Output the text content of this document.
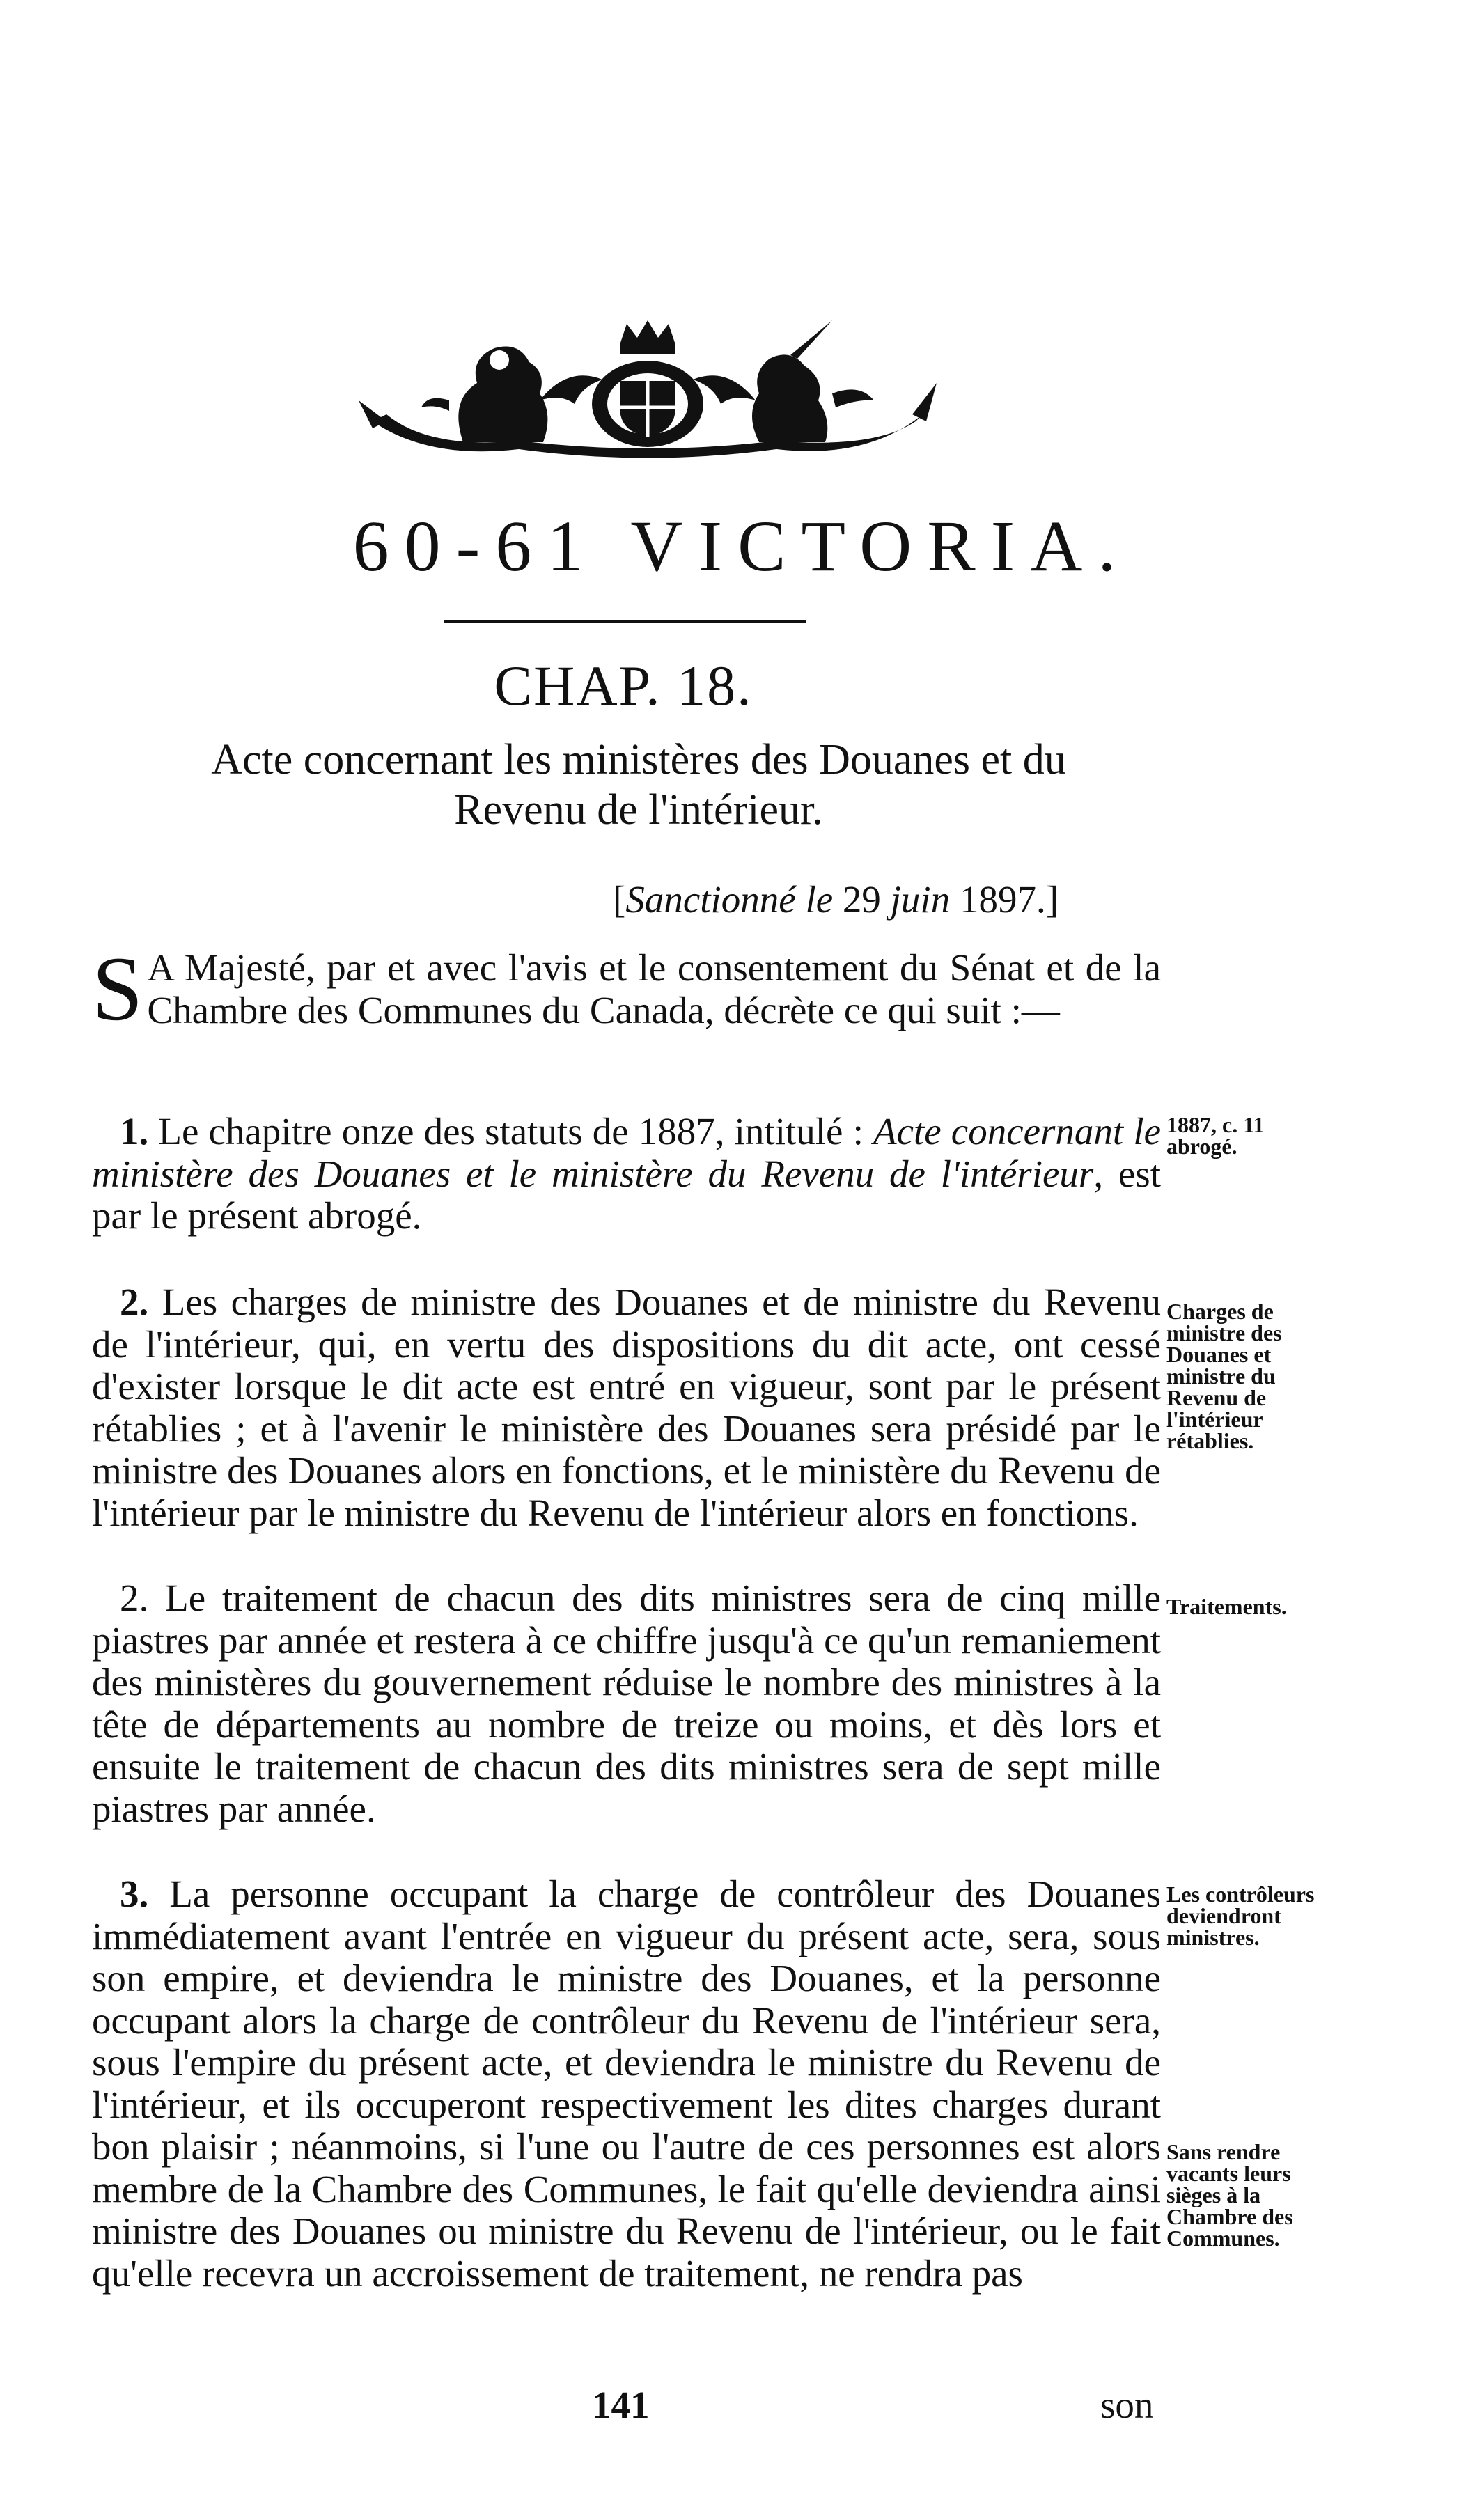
60-61 VICTORIA.
CHAP. 18.
Acte concernant les ministères des Douanes et du
Revenu de l'intérieur.
[Sanctionné le 29 juin 1897.]
S A Majesté, par et avec l'avis et le consentement du Sénat et de la Chambre des Communes du Canada, décrète ce qui suit :—
1. Le chapitre onze des statuts de 1887, intitulé : Acte concernant le ministère des Douanes et le ministère du Revenu de l'intérieur, est par le présent abrogé.
1887, c. 11 abrogé.
2. Les charges de ministre des Douanes et de ministre du Revenu de l'intérieur, qui, en vertu des dispositions du dit acte, ont cessé d'exister lorsque le dit acte est entré en vigueur, sont par le présent rétablies ; et à l'avenir le ministère des Douanes sera présidé par le ministre des Douanes alors en fonctions, et le ministère du Revenu de l'intérieur par le ministre du Revenu de l'intérieur alors en fonctions.
Charges de ministre des Douanes et ministre du Revenu de l'intérieur rétablies.
2. Le traitement de chacun des dits ministres sera de cinq mille piastres par année et restera à ce chiffre jusqu'à ce qu'un remaniement des ministères du gouvernement réduise le nombre des ministres à la tête de départements au nombre de treize ou moins, et dès lors et ensuite le traitement de chacun des dits ministres sera de sept mille piastres par année.
Traitements.
3. La personne occupant la charge de contrôleur des Douanes immédiatement avant l'entrée en vigueur du présent acte, sera, sous son empire, et deviendra le ministre des Douanes, et la personne occupant alors la charge de contrôleur du Revenu de l'intérieur sera, sous l'empire du présent acte, et deviendra le ministre du Revenu de l'intérieur, et ils occuperont respectivement les dites charges durant bon plaisir ; néanmoins, si l'une ou l'autre de ces personnes est alors membre de la Chambre des Communes, le fait qu'elle deviendra ainsi ministre des Douanes ou ministre du Revenu de l'intérieur, ou le fait qu'elle recevra un accroissement de traitement, ne rendra pas
Les contrôleurs deviendront ministres.
Sans rendre vacants leurs sièges à la Chambre des Communes.
141	son
